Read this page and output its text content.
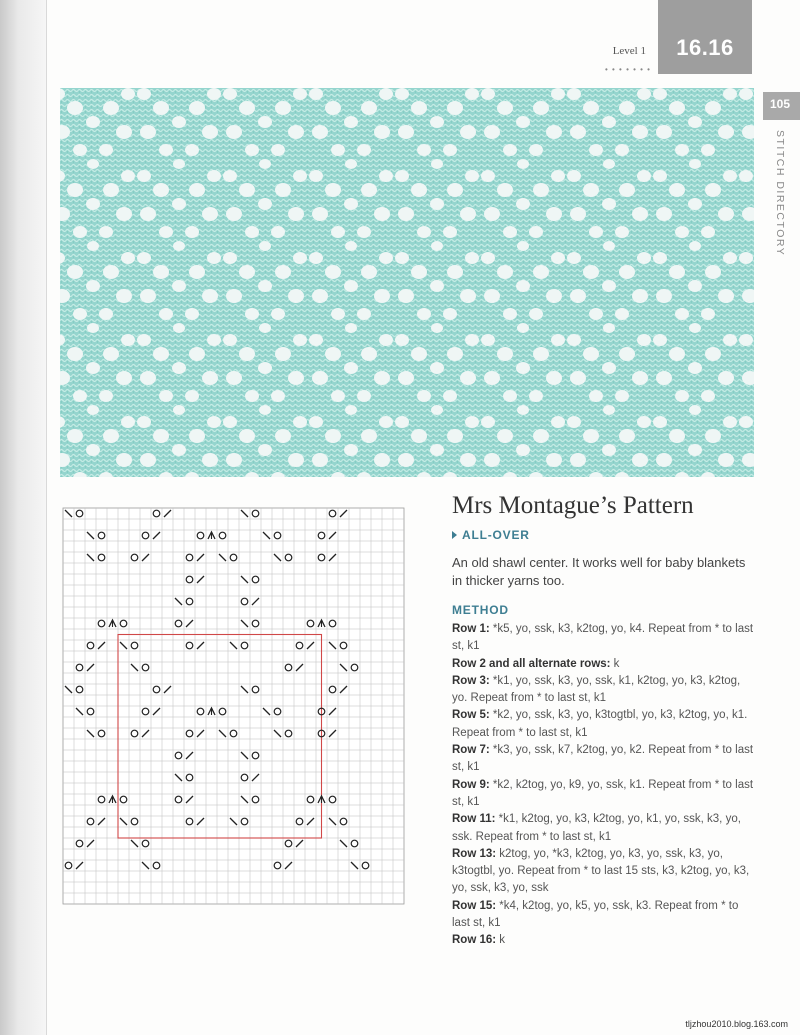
Level 1
• • • • • • •
16.16
105
STITCH DIRECTORY
Mrs Montague’s Pattern
ALL-OVER
An old shawl center. It works well for baby blankets in thicker yarns too.
METHOD

Row 1: *k5, yo, ssk, k3, k2tog, yo, k4. Repeat from * to last st, k1

Row 2 and all alternate rows: k

Row 3: *k1, yo, ssk, k3, yo, ssk, k1, k2tog, yo, k3, k2tog, yo. Repeat from * to last st, k1

Row 5: *k2, yo, ssk, k3, yo, k3togtbl, yo, k3, k2tog, yo, k1. Repeat from * to last st, k1

Row 7: *k3, yo, ssk, k7, k2tog, yo, k2. Repeat from * to last st, k1

Row 9: *k2, k2tog, yo, k9, yo, ssk, k1. Repeat from * to last st, k1

Row 11: *k1, k2tog, yo, k3, k2tog, yo, k1, yo, ssk, k3, yo, ssk. Repeat from * to last st, k1

Row 13: k2tog, yo, *k3, k2tog, yo, k3, yo, ssk, k3, yo, k3togtbl, yo. Repeat from * to last 15 sts, k3, k2tog, yo, k3, yo, ssk, k3, yo, ssk

Row 15: *k4, k2tog, yo, k5, yo, ssk, k3. Repeat from * to last st, k1

Row 16: k

tljzhou2010.blog.163.com
